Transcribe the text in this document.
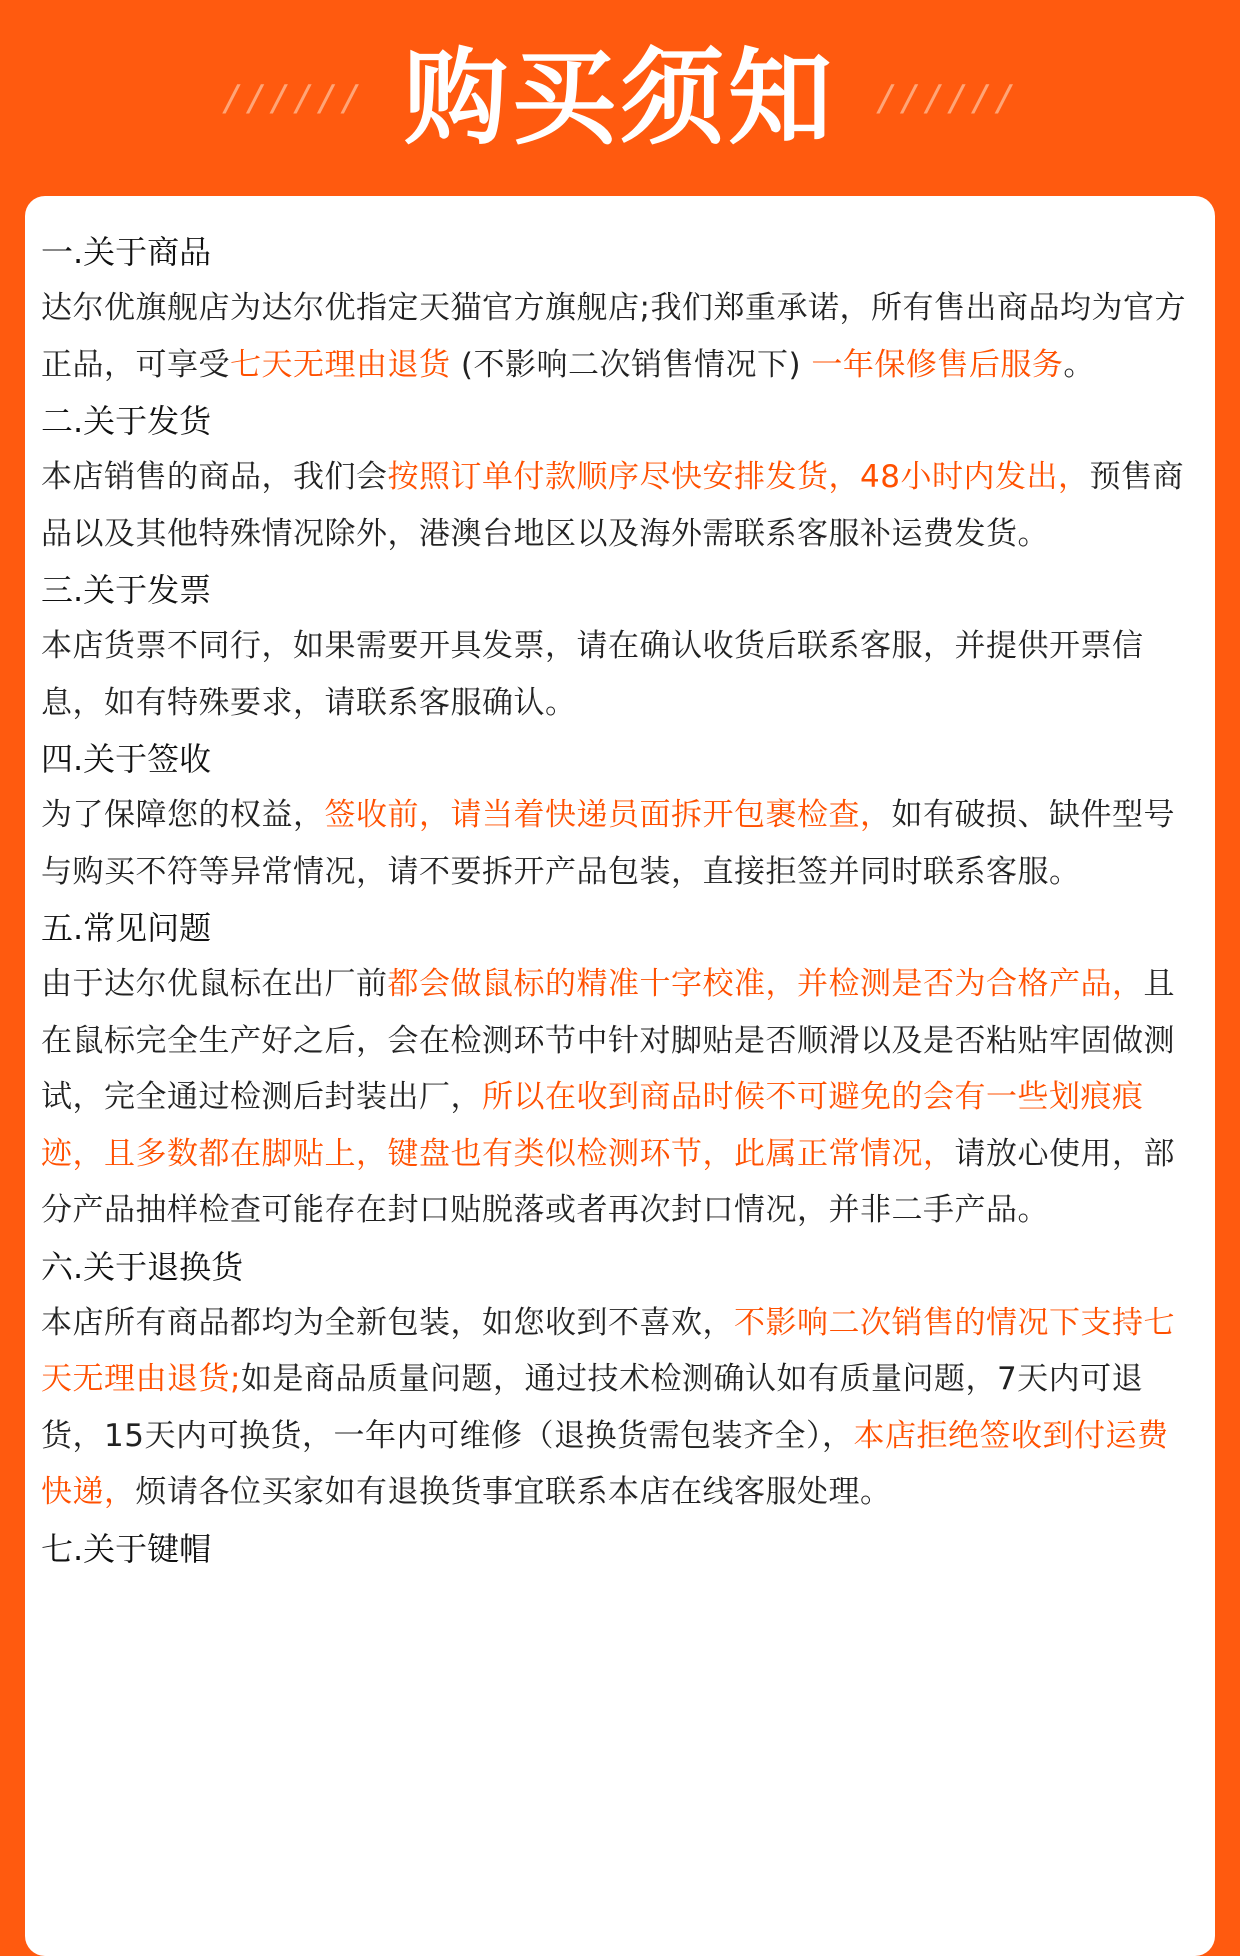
////// 购买须知 //////
一.关于商品

达尔优旗舰店为达尔优指定天猫官方旗舰店;我们郑重承诺，所有售出商品均为官方正品，可享受七天无理由退货 (不影响二次销售情况下) 一年保修售后服务。

二.关于发货

本店销售的商品，我们会按照订单付款顺序尽快安排发货，48小时内发出，预售商品以及其他特殊情况除外，港澳台地区以及海外需联系客服补运费发货。

三.关于发票

本店货票不同行，如果需要开具发票，请在确认收货后联系客服，并提供开票信息，如有特殊要求，请联系客服确认。

四.关于签收

为了保障您的权益，签收前，请当着快递员面拆开包裹检查，如有破损、缺件型号与购买不符等异常情况，请不要拆开产品包装，直接拒签并同时联系客服。

五.常见问题

由于达尔优鼠标在出厂前都会做鼠标的精准十字校准，并检测是否为合格产品，且在鼠标完全生产好之后，会在检测环节中针对脚贴是否顺滑以及是否粘贴牢固做测试，完全通过检测后封装出厂，所以在收到商品时候不可避免的会有一些划痕痕迹，且多数都在脚贴上，键盘也有类似检测环节，此属正常情况，请放心使用，部分产品抽样检查可能存在封口贴脱落或者再次封口情况，并非二手产品。

六.关于退换货

本店所有商品都均为全新包装，如您收到不喜欢，不影响二次销售的情况下支持七天无理由退货;如是商品质量问题，通过技术检测确认如有质量问题，7天内可退货，15天内可换货，一年内可维修（退换货需包装齐全），本店拒绝签收到付运费快递，烦请各位买家如有退换货事宜联系本店在线客服处理。

七.关于键帽
